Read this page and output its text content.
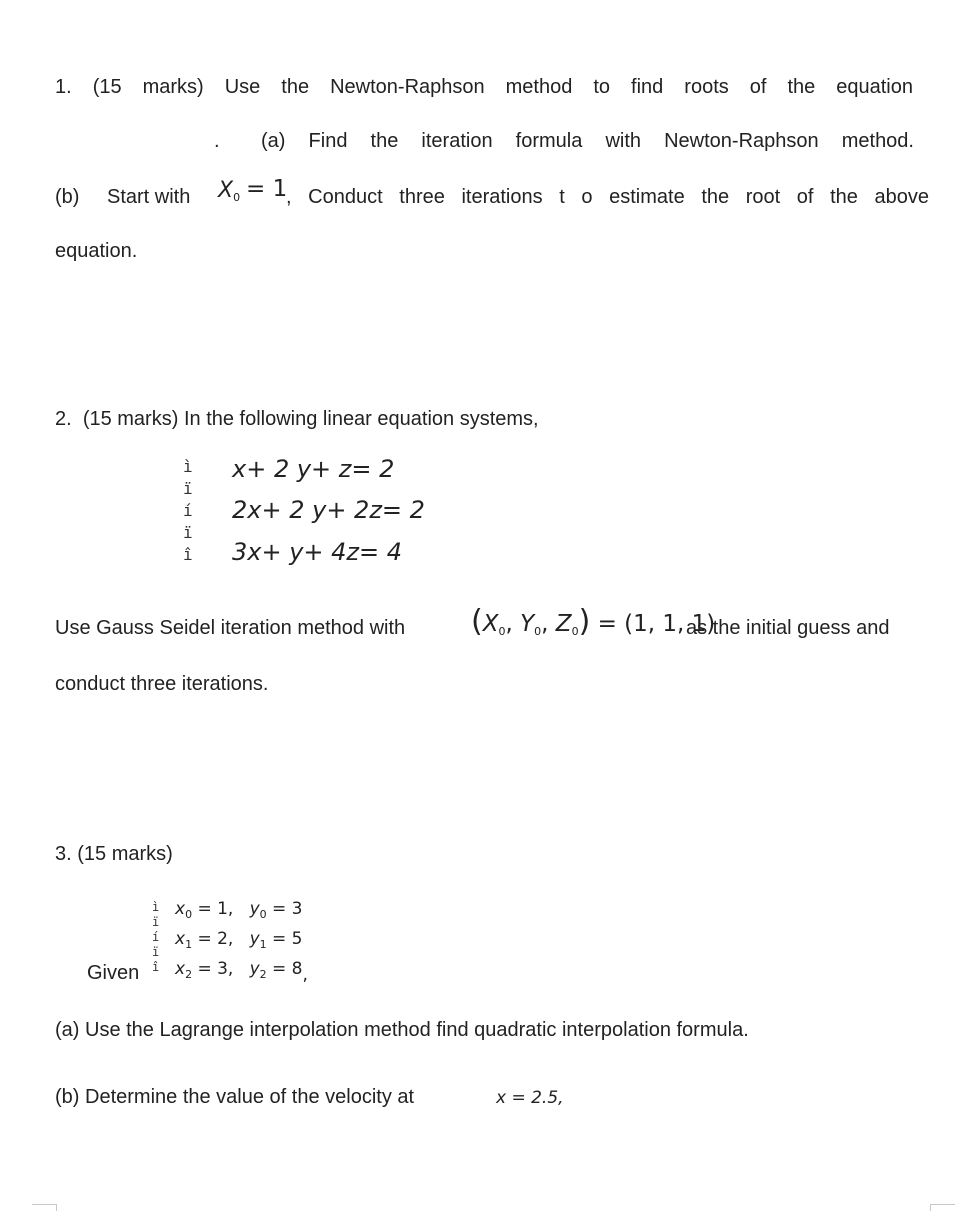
1. (15 marks) Use the Newton-Raphson method to find roots of the equation
. (a) Find the iteration formula with Newton-Raphson method.
(b) Start with $X_0 = 1$
, Conduct three iterations t o estimate the root of the above
equation.
2. (15 marks) In the following linear equation systems,
ì
ï
í
ï
î
x+ 2 y+ z= 2
2x+ 2 y+ 2z= 2
3x+ y+ 4z= 4
Use Gauss Seidel iteration method with ($X_0$, $Y_0$, $Z_0) = (1$, 1, 1)
as the initial guess and
conduct three iterations.
3. (15 marks)
ì
ï
í
ï
î
Given
$x_0 = 1$, $y_0 = 3$
$x_1 = 2$, $y_1 = 5$
$x_2 = 3$, $y_2 = 8$,
(a) Use the Lagrange interpolation method find quadratic interpolation formula.
(b) Determine the value of the velocity at	x = 2.5,
